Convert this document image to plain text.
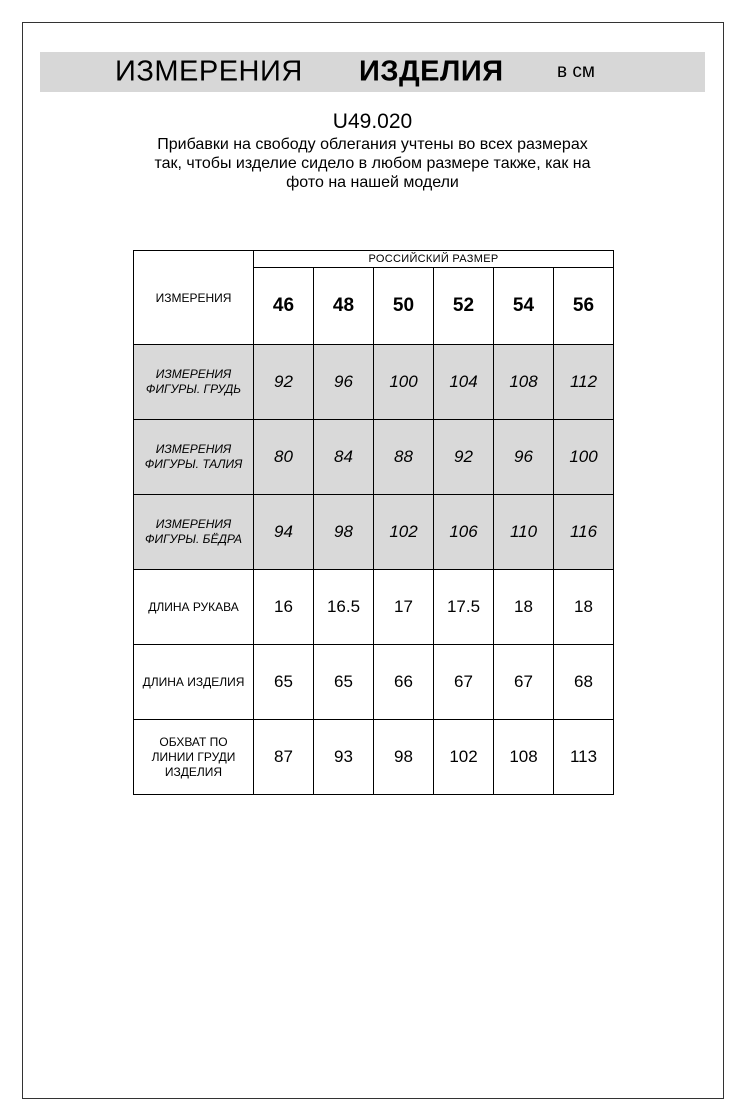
ИЗМЕРЕНИЯ ИЗДЕЛИЯ	в см
U49.020
Прибавки на свободу облегания учтены во всех размерах
так, чтобы изделие сидело в любом размере также, как на
фото на нашей модели
ИЗМЕРЕНИЯ	РОССИЙСКИЙ РАЗМЕР					
	46	48	50	52	54	56
ИЗМЕРЕНИЯ
ФИГУРЫ. ГРУДЬ	92	96	100	104	108	112
ИЗМЕРЕНИЯ
ФИГУРЫ. ТАЛИЯ	80	84	88	92	96	100
ИЗМЕРЕНИЯ
ФИГУРЫ. БЁДРА	94	98	102	106	110	116
ДЛИНА РУКАВА	16	16.5	17	17.5	18	18
ДЛИНА ИЗДЕЛИЯ	65	65	66	67	67	68
ОБХВАТ ПО
ЛИНИИ ГРУДИ
ИЗДЕЛИЯ	87	93	98	102	108	113
